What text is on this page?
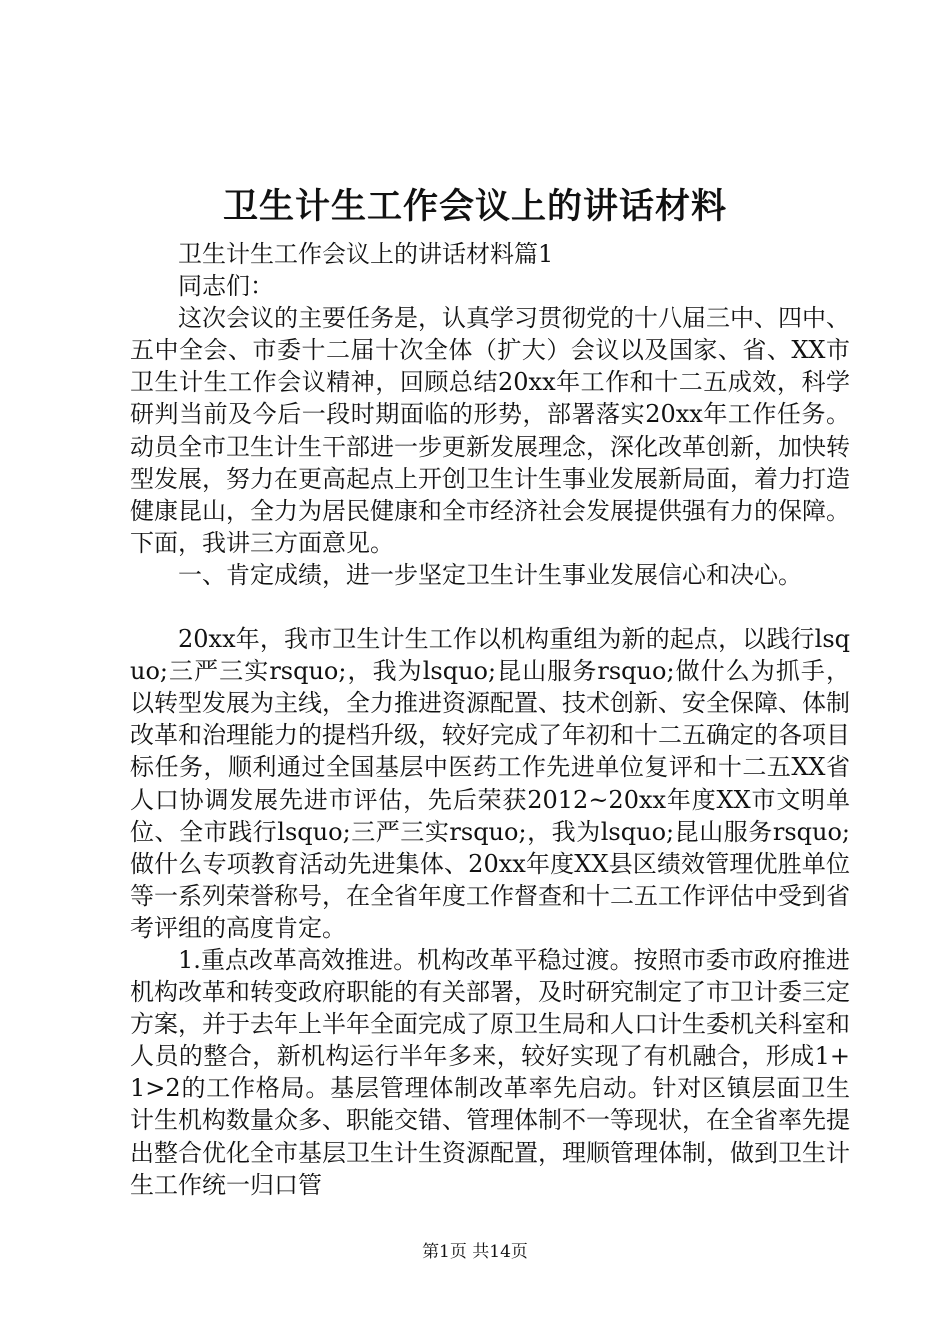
卫生计生工作会议上的讲话材料

卫生计生工作会议上的讲话材料篇1

同志们：

这次会议的主要任务是，认真学习贯彻党的十八届三中、四中、五中全会、市委十二届十次全体（扩大）会议以及国家、省、XX市卫生计生工作会议精神，回顾总结20xx年工作和十二五成效，科学研判当前及今后一段时期面临的形势，部署落实20xx年工作任务。动员全市卫生计生干部进一步更新发展理念，深化改革创新，加快转型发展，努力在更高起点上开创卫生计生事业发展新局面，着力打造健康昆山，全力为居民健康和全市经济社会发展提供强有力的保障。下面，我讲三方面意见。

一、肯定成绩，进一步坚定卫生计生事业发展信心和决心。

20xx年，我市卫生计生工作以机构重组为新的起点，以践行lsquo;三严三实rsquo;，我为lsquo;昆山服务rsquo;做什么为抓手，以转型发展为主线，全力推进资源配置、技术创新、安全保障、体制改革和治理能力的提档升级，较好完成了年初和十二五确定的各项目标任务，顺利通过全国基层中医药工作先进单位复评和十二五XX省人口协调发展先进市评估，先后荣获2012~20xx年度XX市文明单位、全市践行lsquo;三严三实rsquo;，我为lsquo;昆山服务rsquo;做什么专项教育活动先进集体、20xx年度XX县区绩效管理优胜单位等一系列荣誉称号，在全省年度工作督查和十二五工作评估中受到省考评组的高度肯定。

1.重点改革高效推进。机构改革平稳过渡。按照市委市政府推进机构改革和转变政府职能的有关部署，及时研究制定了市卫计委三定方案，并于去年上半年全面完成了原卫生局和人口计生委机关科室和人员的整合，新机构运行半年多来，较好实现了有机融合，形成1+1>2的工作格局。基层管理体制改革率先启动。针对区镇层面卫生计生机构数量众多、职能交错、管理体制不一等现状，在全省率先提出整合优化全市基层卫生计生资源配置，理顺管理体制，做到卫生计生工作统一归口管

第1页 共14页
